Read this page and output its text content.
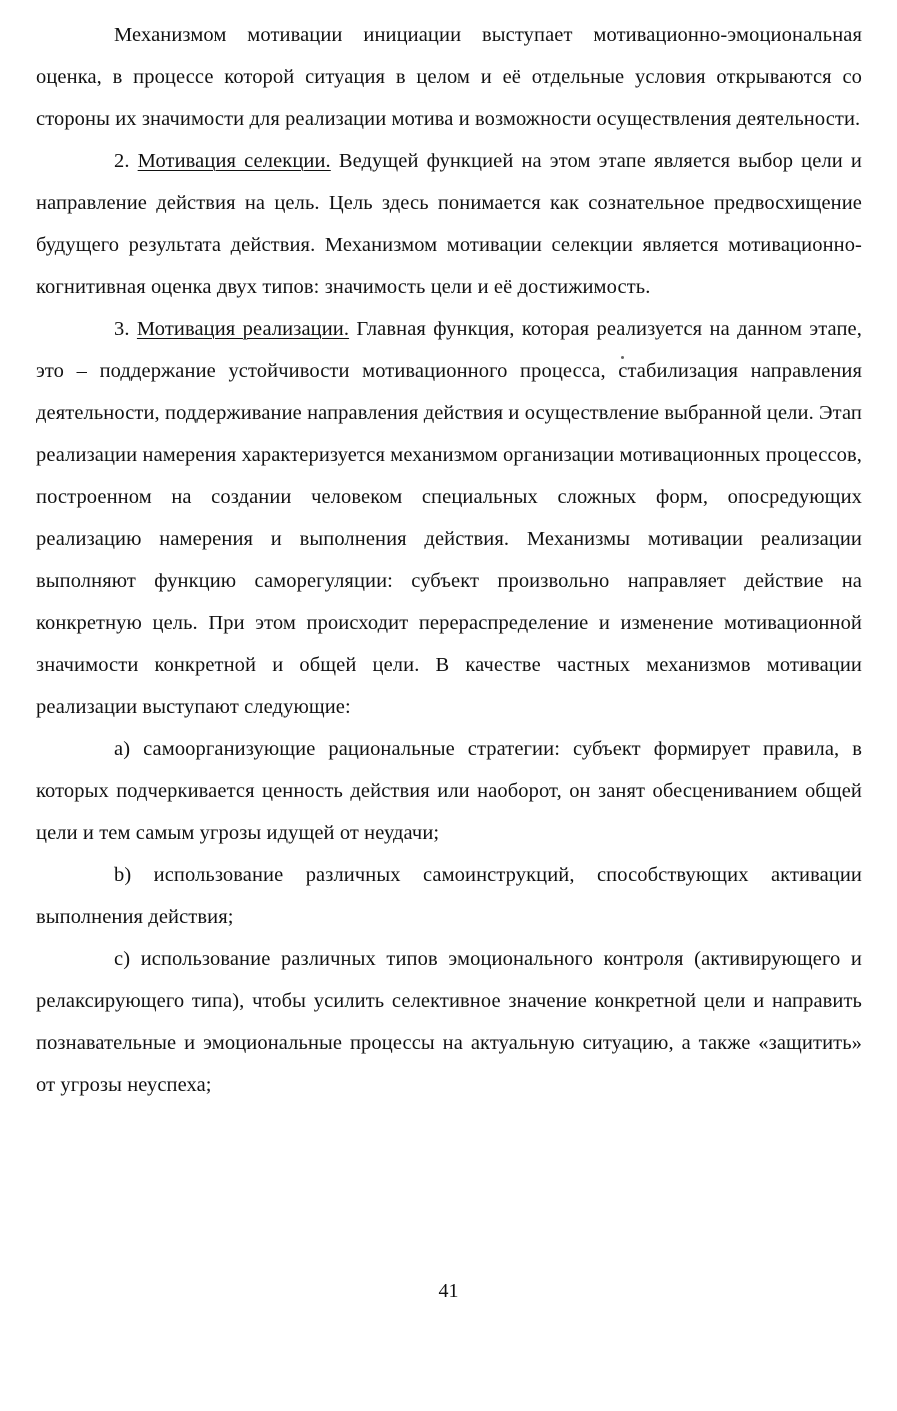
Механизмом мотивации инициации выступает мотивационно-эмоциональная оценка, в процессе которой ситуация в целом и её отдельные условия открываются со стороны их значимости для реализации мотива и возможности осуществления деятельности.

2. Мотивация селекции. Ведущей функцией на этом этапе является выбор цели и направление действия на цель. Цель здесь понимается как сознательное предвосхищение будущего результата действия. Механизмом мотивации селекции является мотивационно-когнитивная оценка двух типов: значимость цели и её достижимость.

3. Мотивация реализации. Главная функция, которая реализуется на данном этапе, это – поддержание устойчивости мотивационного процесса, стабилизация направления деятельности, поддерживание направления действия и осуществление выбранной цели. Этап реализации намерения характеризуется механизмом организации мотивационных процессов, построенном на создании человеком специальных сложных форм, опосредующих реализацию намерения и выполнения действия. Механизмы мотивации реализации выполняют функцию саморегуляции: субъект произвольно направляет действие на конкретную цель. При этом происходит перераспределение и изменение мотивационной значимости конкретной и общей цели. В качестве частных механизмов мотивации реализации выступают следующие:

а) самоорганизующие рациональные стратегии: субъект формирует правила, в которых подчеркивается ценность действия или наоборот, он занят обесцениванием общей цели и тем самым угрозы идущей от неудачи;

b) использование различных самоинструкций, способствующих активации выполнения действия;

с) использование различных типов эмоционального контроля (активирующего и релаксирующего типа), чтобы усилить селективное значение конкретной цели и направить познавательные и эмоциональные процессы на актуальную ситуацию, а также «защитить» от угрозы неуспеха;

41
